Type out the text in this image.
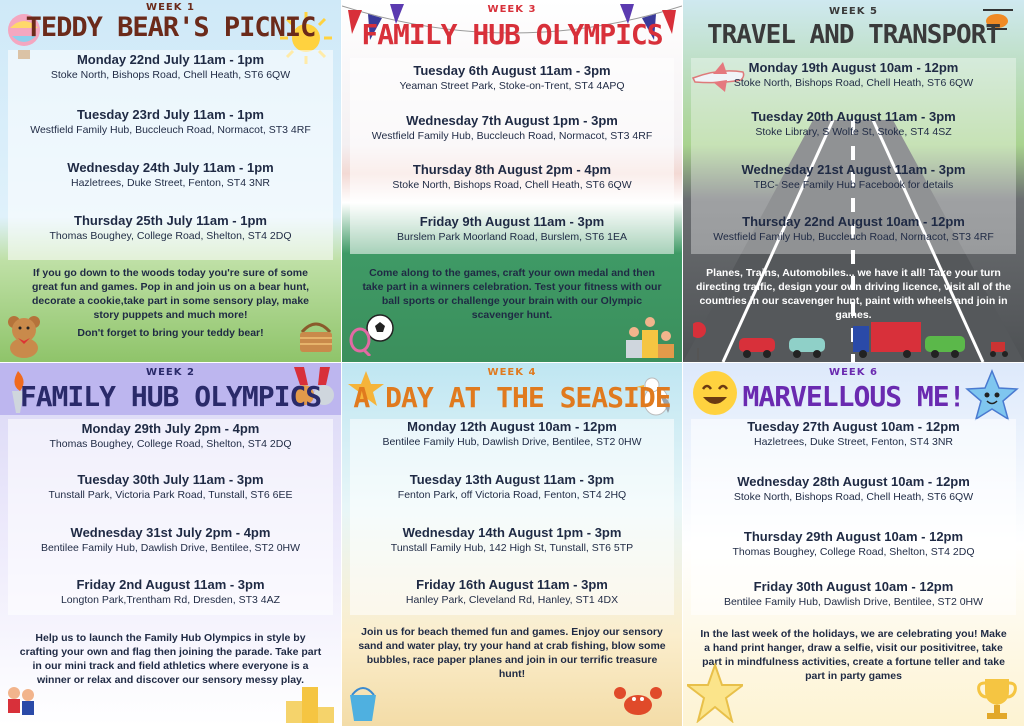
WEEK 1
TEDDY BEAR'S PICNIC
Monday 22nd July 11am - 1pm
Stoke North, Bishops Road, Chell Heath, ST6 6QW
Tuesday 23rd July 11am - 1pm
Westfield Family Hub, Buccleuch Road, Normacot, ST3 4RF
Wednesday 24th July 11am - 1pm
Hazletrees, Duke Street, Fenton, ST4 3NR
Thursday 25th July 11am - 1pm
Thomas Boughey, College Road, Shelton, ST4 2DQ
If you go down to the woods today you're sure of some great fun and games. Pop in and join us on a bear hunt, decorate a cookie,take part in some sensory play, make story puppets and much more!
Don't forget to bring your teddy bear!
WEEK 3
FAMILY HUB OLYMPICS
Tuesday 6th August 11am - 3pm
Yeaman Street Park, Stoke-on-Trent, ST4 4APQ
Wednesday 7th August 1pm - 3pm
Westfield Family Hub, Buccleuch Road, Normacot, ST3 4RF
Thursday 8th August 2pm - 4pm
Stoke North, Bishops Road, Chell Heath, ST6 6QW
Friday 9th August 11am - 3pm
Burslem Park Moorland Road, Burslem, ST6 1EA
Come along to the games, craft your own medal and then take part in a winners celebration. Test your fitness with our ball sports or challenge your brain with our Olympic scavenger hunt.
WEEK 5
TRAVEL AND TRANSPORT
Monday 19th August 10am - 12pm
Stoke North, Bishops Road, Chell Heath, ST6 6QW
Tuesday 20th August 11am - 3pm
Stoke Library, S Wolfe St, Stoke, ST4 4SZ
Wednesday 21st August 11am - 3pm
TBC- See Family Hub Facebook for details
Thursday 22nd August 10am - 12pm
Westfield Family Hub, Buccleuch Road, Normacot, ST3 4RF
Planes, Trains, Automobiles... we have it all! Take your turn directing traffic, design your own driving licence, visit all of the countries in our scavenger hunt, paint with wheels and join in games.
WEEK 2
FAMILY HUB OLYMPICS
Monday 29th July 2pm - 4pm
Thomas Boughey, College Road, Shelton, ST4 2DQ
Tuesday 30th July 11am - 3pm
Tunstall Park, Victoria Park Road, Tunstall, ST6 6EE
Wednesday 31st July 2pm - 4pm
Bentilee Family Hub, Dawlish Drive, Bentilee, ST2 0HW
Friday 2nd August 11am - 3pm
Longton Park,Trentham Rd, Dresden, ST3 4AZ
Help us to launch the Family Hub Olympics in style by crafting your own and flag then joining the parade. Take part in our mini track and field athletics where everyone is a winner or relax and discover our sensory messy play.
WEEK 4
A DAY AT THE SEASIDE
Monday 12th August 10am - 12pm
Bentilee Family Hub, Dawlish Drive, Bentilee, ST2 0HW
Tuesday 13th August 11am - 3pm
Fenton Park, off Victoria Road, Fenton, ST4 2HQ
Wednesday 14th August 1pm - 3pm
Tunstall Family Hub, 142 High St, Tunstall, ST6 5TP
Friday 16th August 11am - 3pm
Hanley Park, Cleveland Rd, Hanley, ST1 4DX
Join us for beach themed fun and games. Enjoy our sensory sand and water play, try your hand at crab fishing, blow some bubbles, race paper planes and join in our terrific treasure hunt!
WEEK 6
MARVELLOUS ME!
Tuesday 27th August 10am - 12pm
Hazletrees, Duke Street, Fenton, ST4 3NR
Wednesday 28th August 10am - 12pm
Stoke North, Bishops Road, Chell Heath, ST6 6QW
Thursday 29th August 10am - 12pm
Thomas Boughey, College Road, Shelton, ST4 2DQ
Friday 30th August 10am - 12pm
Bentilee Family Hub, Dawlish Drive, Bentilee, ST2 0HW
In the last week of the holidays, we are celebrating you! Make a hand print hanger, draw a selfie, visit our positivitree, take part in mindfulness activities, create a fortune teller and take part in party games
